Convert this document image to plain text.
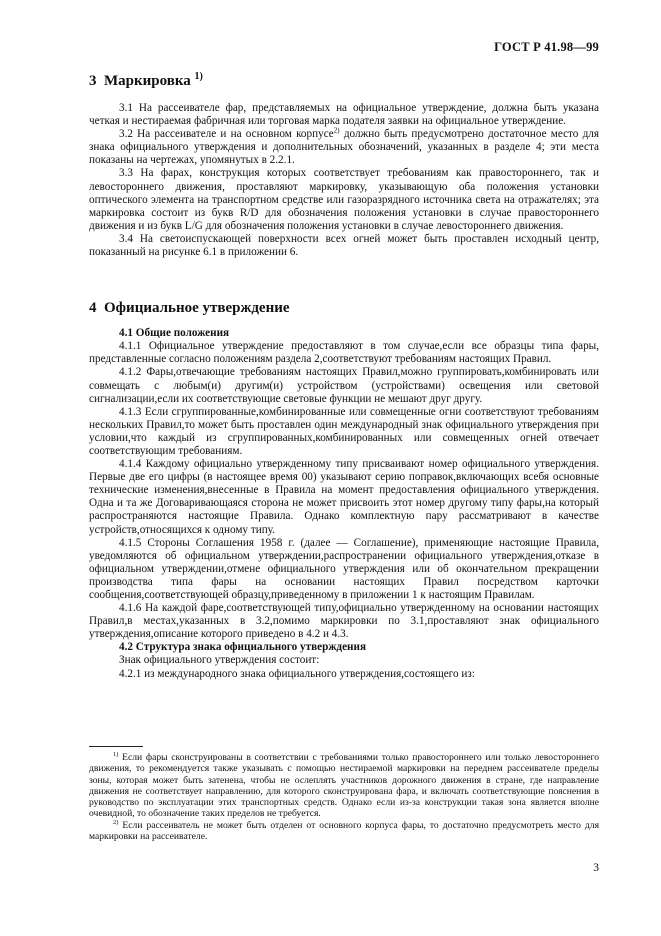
ГОСТ Р 41.98—99
3 Маркировка $^{1)}$

3.1 На рассеивателе фар, представляемых на официальное утверждение, должна быть указана четкая и нестираемая фабричная или торговая марка подателя заявки на официальное утверждение.

3.2 На рассеивателе и на основном корпусе$^{2)}$ должно быть предусмотрено достаточное место для знака официального утверждения и дополнительных обозначений, указанных в разделе 4; эти места показаны на чертежах, упомянутых в 2.2.1.

3.3 На фарах, конструкция которых соответствует требованиям как правостороннего, так и левостороннего движения, проставляют маркировку, указывающую оба положения установки оптического элемента на транспортном средстве или газоразрядного источника света на отражателях; эта маркировка состоит из букв R/D для обозначения положения установки в случае правостороннего движения и из букв L/G для обозначения положения установки в случае левостороннего движения.

3.4 На светоиспускающей поверхности всех огней может быть проставлен исходный центр, показанный на рисунке 6.1 в приложении 6.

4 Официальное утверждение

4.1 Общие положения

4.1.1 Официальное утверждение предоставляют в том случае,если все образцы типа фары, представленные согласно положениям раздела 2,соответствуют требованиям настоящих Правил.

4.1.2 Фары,отвечающие требованиям настоящих Правил,можно группировать,комбинировать или совмещать с любым(и) другим(и) устройством (устройствами) освещения или световой сигнализации,если их соответствующие световые функции не мешают друг другу.

4.1.3 Если сгруппированные,комбинированные или совмещенные огни соответствуют требованиям нескольких Правил,то может быть проставлен один международный знак официального утверждения при условии,что каждый из сгруппированных,комбинированных или совмещенных огней отвечает соответствующим требованиям.

4.1.4 Каждому официально утвержденному типу присваивают номер официального утверждения. Первые две его цифры (в настоящее время 00) указывают серию поправок,включающих всебя основные технические изменения,внесенные в Правила на момент предоставления официального утверждения. Одна и та же Договаривающаяся сторона не может присвоить этот номер другому типу фары,на который распространяются настоящие Правила. Однако комплектную пару рассматривают в качестве устройств,относящихся к одному типу.

4.1.5 Стороны Соглашения 1958 г. (далее — Соглашение), применяющие настоящие Правила, уведомляются об официальном утверждении,распространении официального утверждения,отказе в официальном утверждении,отмене официального утверждения или об окончательном прекращении производства типа фары на основании настоящих Правил посредством карточки сообщения,соответствующей образцу,приведенному в приложении 1 к настоящим Правилам.

4.1.6 На каждой фаре,соответствующей типу,официально утвержденному на основании настоящих Правил,в местах,указанных в 3.2,помимо маркировки по 3.1,проставляют знак официального утверждения,описание которого приведено в 4.2 и 4.3.

4.2 Структура знака официального утверждения

Знак официального утверждения состоит:

4.2.1 из международного знака официального утверждения,состоящего из:

$^{1)}$ Если фары сконструированы в соответствии с требованиями только правостороннего или только левостороннего движения, то рекомендуется также указывать с помощью нестираемой маркировки на переднем рассеивателе пределы зоны, которая может быть затенена, чтобы не ослеплять участников дорожного движения в стране, где направление движения не соответствует направлению, для которого сконструирована фара, и включать соответствующие пояснения в руководство по эксплуатации этих транспортных средств. Однако если из-за конструкции такая зона является вполне очевидной, то обозначение таких пределов не требуется.

$^{2)}$ Если рассеиватель не может быть отделен от основного корпуса фары, то достаточно предусмотреть место для маркировки на рассеивателе.

3
